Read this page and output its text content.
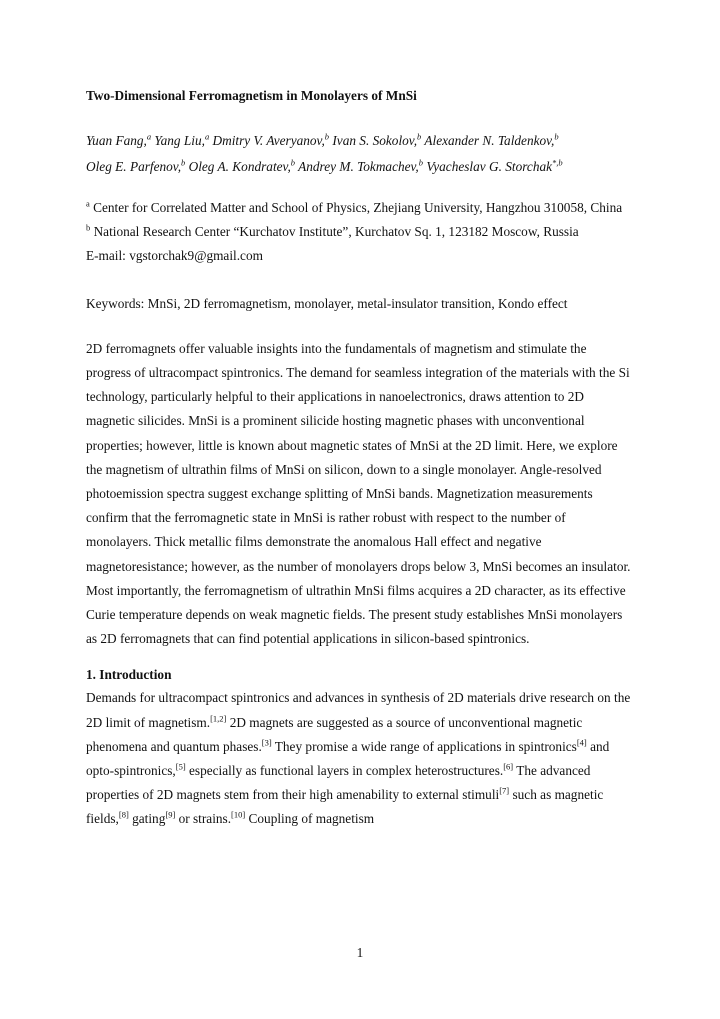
Two-Dimensional Ferromagnetism in Monolayers of MnSi

Yuan Fang,$^a$ Yang Liu,$^a$ Dmitry V. Averyanov,$^b$ Ivan S. Sokolov,$^b$ Alexander N. Taldenkov,$^b$
Oleg E. Parfenov,$^b$ Oleg A. Kondratev,$^b$ Andrey M. Tokmachev,$^b$ Vyacheslav G. Storchak$^{*,b}$

$^a$ Center for Correlated Matter and School of Physics, Zhejiang University, Hangzhou 310058, China

$^b$ National Research Center “Kurchatov Institute”, Kurchatov Sq. 1, 123182 Moscow, Russia

E-mail: vgstorchak9@gmail.com

Keywords: MnSi, 2D ferromagnetism, monolayer, metal-insulator transition, Kondo effect

2D ferromagnets offer valuable insights into the fundamentals of magnetism and stimulate the progress of ultracompact spintronics. The demand for seamless integration of the materials with the Si technology, particularly helpful to their applications in nanoelectronics, draws attention to 2D magnetic silicides. MnSi is a prominent silicide hosting magnetic phases with unconventional properties; however, little is known about magnetic states of MnSi at the 2D limit. Here, we explore the magnetism of ultrathin films of MnSi on silicon, down to a single monolayer. Angle-resolved photoemission spectra suggest exchange splitting of MnSi bands. Magnetization measurements confirm that the ferromagnetic state in MnSi is rather robust with respect to the number of monolayers. Thick metallic films demonstrate the anomalous Hall effect and negative magnetoresistance; however, as the number of monolayers drops below 3, MnSi becomes an insulator. Most importantly, the ferromagnetism of ultrathin MnSi films acquires a 2D character, as its effective Curie temperature depends on weak magnetic fields. The present study establishes MnSi monolayers as 2D ferromagnets that can find potential applications in silicon-based spintronics.

1. Introduction

Demands for ultracompact spintronics and advances in synthesis of 2D materials drive research on the 2D limit of magnetism.[1,2] 2D magnets are suggested as a source of unconventional magnetic phenomena and quantum phases.[3] They promise a wide range of applications in spintronics[4] and opto-spintronics,[5] especially as functional layers in complex heterostructures.[6] The advanced properties of 2D magnets stem from their high amenability to external stimuli[7] such as magnetic fields,[8] gating[9] or strains.[10] Coupling of magnetism

1
